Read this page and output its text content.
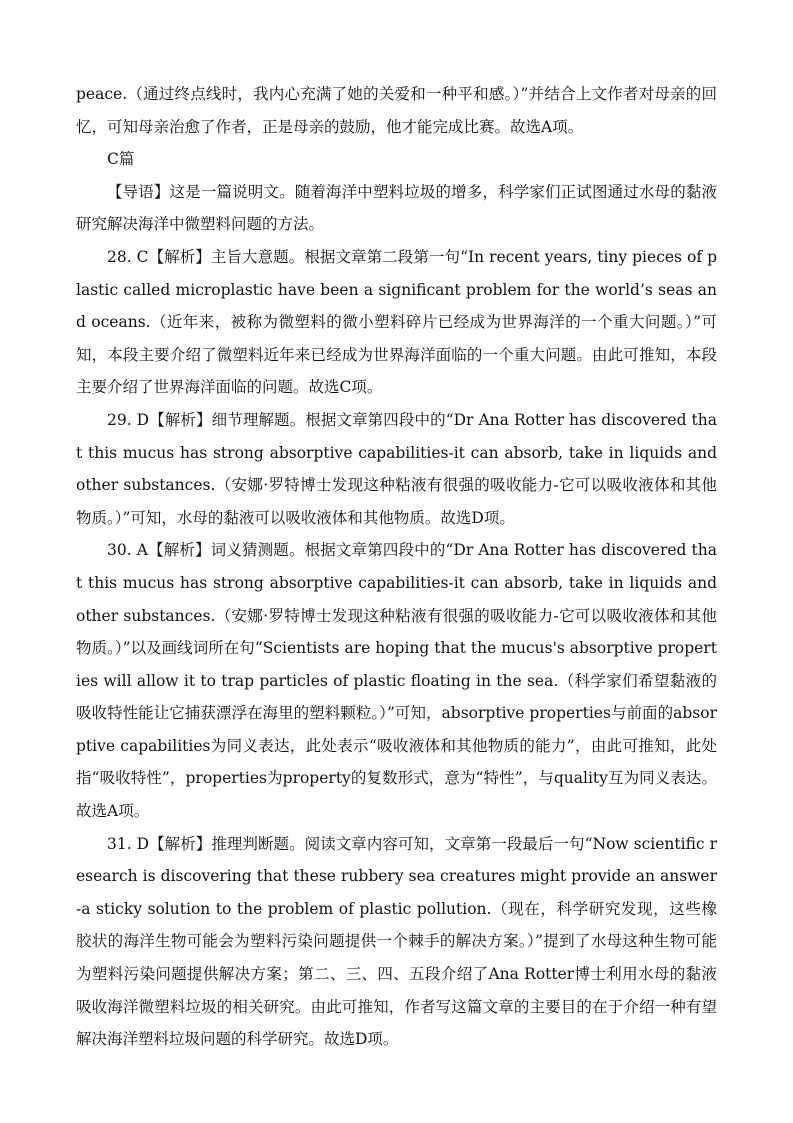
peace.（通过终点线时，我内心充满了她的关爱和一种平和感。）”并结合上文作者对母亲的回忆，可知母亲治愈了作者，正是母亲的鼓励，他才能完成比赛。故选A项。

C篇

【导语】这是一篇说明文。随着海洋中塑料垃圾的增多，科学家们正试图通过水母的黏液研究解决海洋中微塑料问题的方法。

28. C【解析】主旨大意题。根据文章第二段第一句“In recent years, tiny pieces of plastic called microplastic have been a significant problem for the world’s seas and oceans.（近年来，被称为微塑料的微小塑料碎片已经成为世界海洋的一个重大问题。）”可知，本段主要介绍了微塑料近年来已经成为世界海洋面临的一个重大问题。由此可推知，本段主要介绍了世界海洋面临的问题。故选C项。

29. D【解析】细节理解题。根据文章第四段中的“Dr Ana Rotter has discovered that this mucus has strong absorptive capabilities-it can absorb, take in liquids and other substances.（安娜·罗特博士发现这种粘液有很强的吸收能力-它可以吸收液体和其他物质。）”可知，水母的黏液可以吸收液体和其他物质。故选D项。

30. A【解析】词义猜测题。根据文章第四段中的“Dr Ana Rotter has discovered that this mucus has strong absorptive capabilities-it can absorb, take in liquids and other substances.（安娜·罗特博士发现这种粘液有很强的吸收能力-它可以吸收液体和其他物质。）”以及画线词所在句“Scientists are hoping that the mucus's absorptive properties will allow it to trap particles of plastic floating in the sea.（科学家们希望黏液的吸收特性能让它捕获漂浮在海里的塑料颗粒。）”可知，absorptive properties与前面的absorptive capabilities为同义表达，此处表示“吸收液体和其他物质的能力”，由此可推知，此处指“吸收特性”，properties为property的复数形式，意为“特性”，与quality互为同义表达。故选A项。

31. D【解析】推理判断题。阅读文章内容可知，文章第一段最后一句“Now scientific research is discovering that these rubbery sea creatures might provide an answer-a sticky solution to the problem of plastic pollution.（现在，科学研究发现，这些橡胶状的海洋生物可能会为塑料污染问题提供一个棘手的解决方案。）”提到了水母这种生物可能为塑料污染问题提供解决方案；第二、三、四、五段介绍了Ana Rotter博士利用水母的黏液吸收海洋微塑料垃圾的相关研究。由此可推知，作者写这篇文章的主要目的在于介绍一种有望解决海洋塑料垃圾问题的科学研究。故选D项。
